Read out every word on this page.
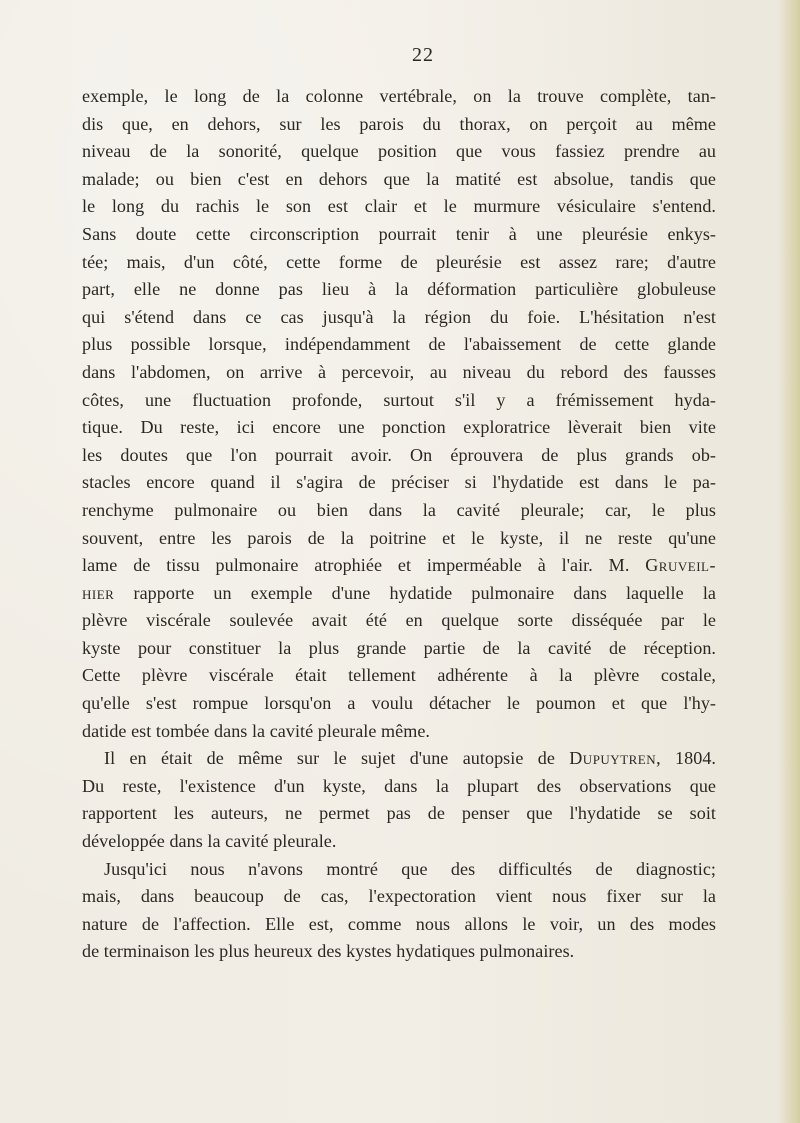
22

exemple, le long de la colonne vertébrale, on la trouve complète, tan-
dis que, en dehors, sur les parois du thorax, on perçoit au même
niveau de la sonorité, quelque position que vous fassiez prendre au
malade; ou bien c'est en dehors que la matité est absolue, tandis que
le long du rachis le son est clair et le murmure vésiculaire s'entend.
Sans doute cette circonscription pourrait tenir à une pleurésie enkys-
tée; mais, d'un côté, cette forme de pleurésie est assez rare; d'autre
part, elle ne donne pas lieu à la déformation particulière globuleuse
qui s'étend dans ce cas jusqu'à la région du foie. L'hésitation n'est
plus possible lorsque, indépendamment de l'abaissement de cette glande
dans l'abdomen, on arrive à percevoir, au niveau du rebord des fausses
côtes, une fluctuation profonde, surtout s'il y a frémissement hyda-
tique. Du reste, ici encore une ponction exploratrice lèverait bien vite
les doutes que l'on pourrait avoir. On éprouvera de plus grands ob-
stacles encore quand il s'agira de préciser si l'hydatide est dans le pa-
renchyme pulmonaire ou bien dans la cavité pleurale; car, le plus
souvent, entre les parois de la poitrine et le kyste, il ne reste qu'une
lame de tissu pulmonaire atrophiée et imperméable à l'air. M. Gruveil-
hier rapporte un exemple d'une hydatide pulmonaire dans laquelle la
plèvre viscérale soulevée avait été en quelque sorte disséquée par le
kyste pour constituer la plus grande partie de la cavité de réception.
Cette plèvre viscérale était tellement adhérente à la plèvre costale,
qu'elle s'est rompue lorsqu'on a voulu détacher le poumon et que l'hy-
datide est tombée dans la cavité pleurale même.

Il en était de même sur le sujet d'une autopsie de Dupuytren, 1804.
Du reste, l'existence d'un kyste, dans la plupart des observations que
rapportent les auteurs, ne permet pas de penser que l'hydatide se soit
développée dans la cavité pleurale.

Jusqu'ici nous n'avons montré que des difficultés de diagnostic;
mais, dans beaucoup de cas, l'expectoration vient nous fixer sur la
nature de l'affection. Elle est, comme nous allons le voir, un des modes
de terminaison les plus heureux des kystes hydatiques pulmonaires.
